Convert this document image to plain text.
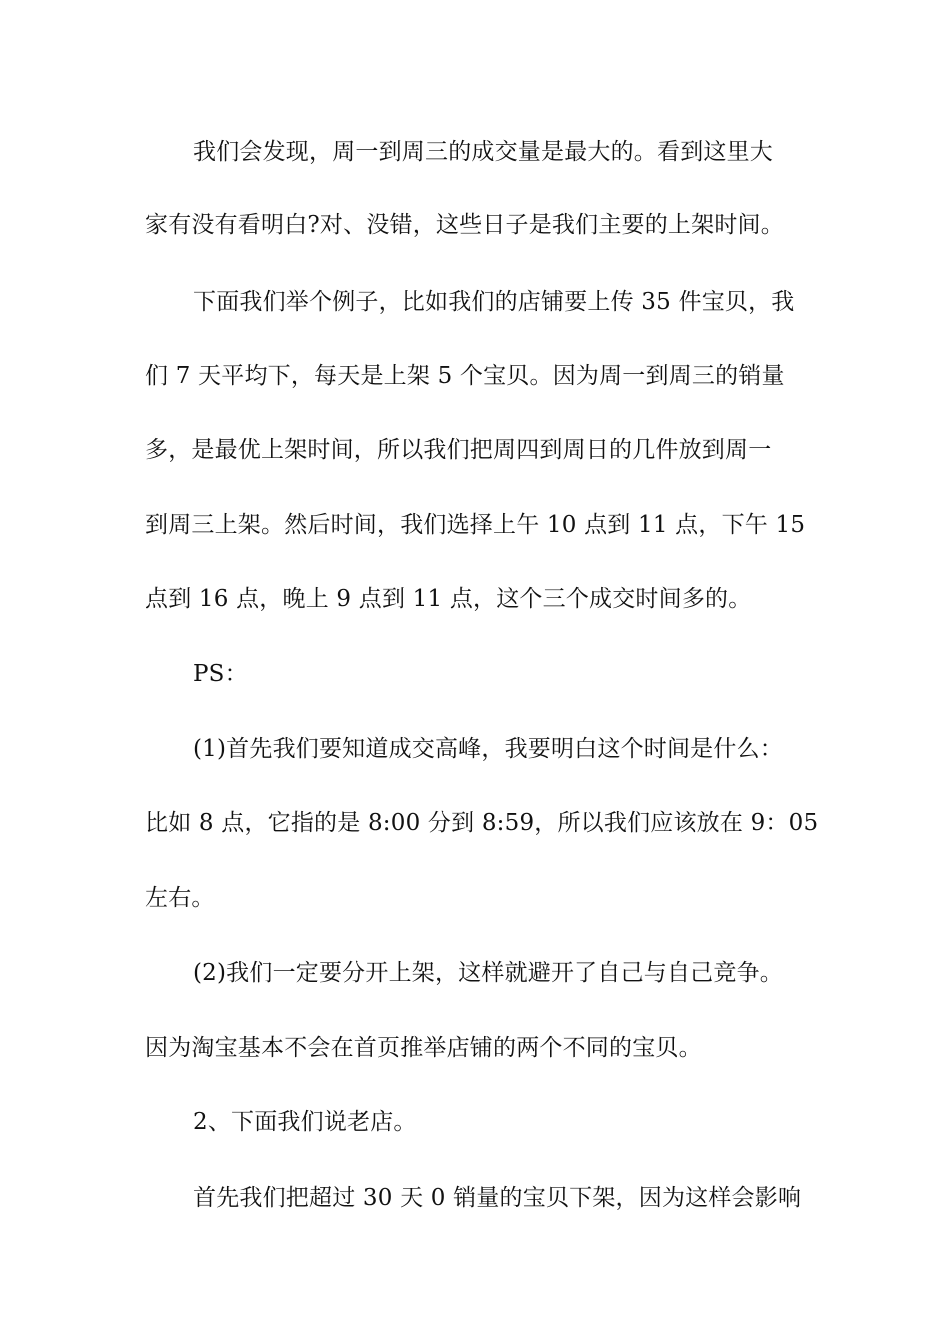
我们会发现，周一到周三的成交量是最大的。看到这里大
家有没有看明白?对、没错，这些日子是我们主要的上架时间。
下面我们举个例子，比如我们的店铺要上传 35 件宝贝，我
们 7 天平均下，每天是上架 5 个宝贝。因为周一到周三的销量
多，是最优上架时间，所以我们把周四到周日的几件放到周一
到周三上架。然后时间，我们选择上午 10 点到 11 点，下午 15
点到 16 点，晚上 9 点到 11 点，这个三个成交时间多的。
PS：
(1)首先我们要知道成交高峰，我要明白这个时间是什么：
比如 8 点，它指的是 8:00 分到 8:59，所以我们应该放在 9：05
左右。
(2)我们一定要分开上架，这样就避开了自己与自己竞争。
因为淘宝基本不会在首页推举店铺的两个不同的宝贝。
2、下面我们说老店。
首先我们把超过 30 天 0 销量的宝贝下架，因为这样会影响
